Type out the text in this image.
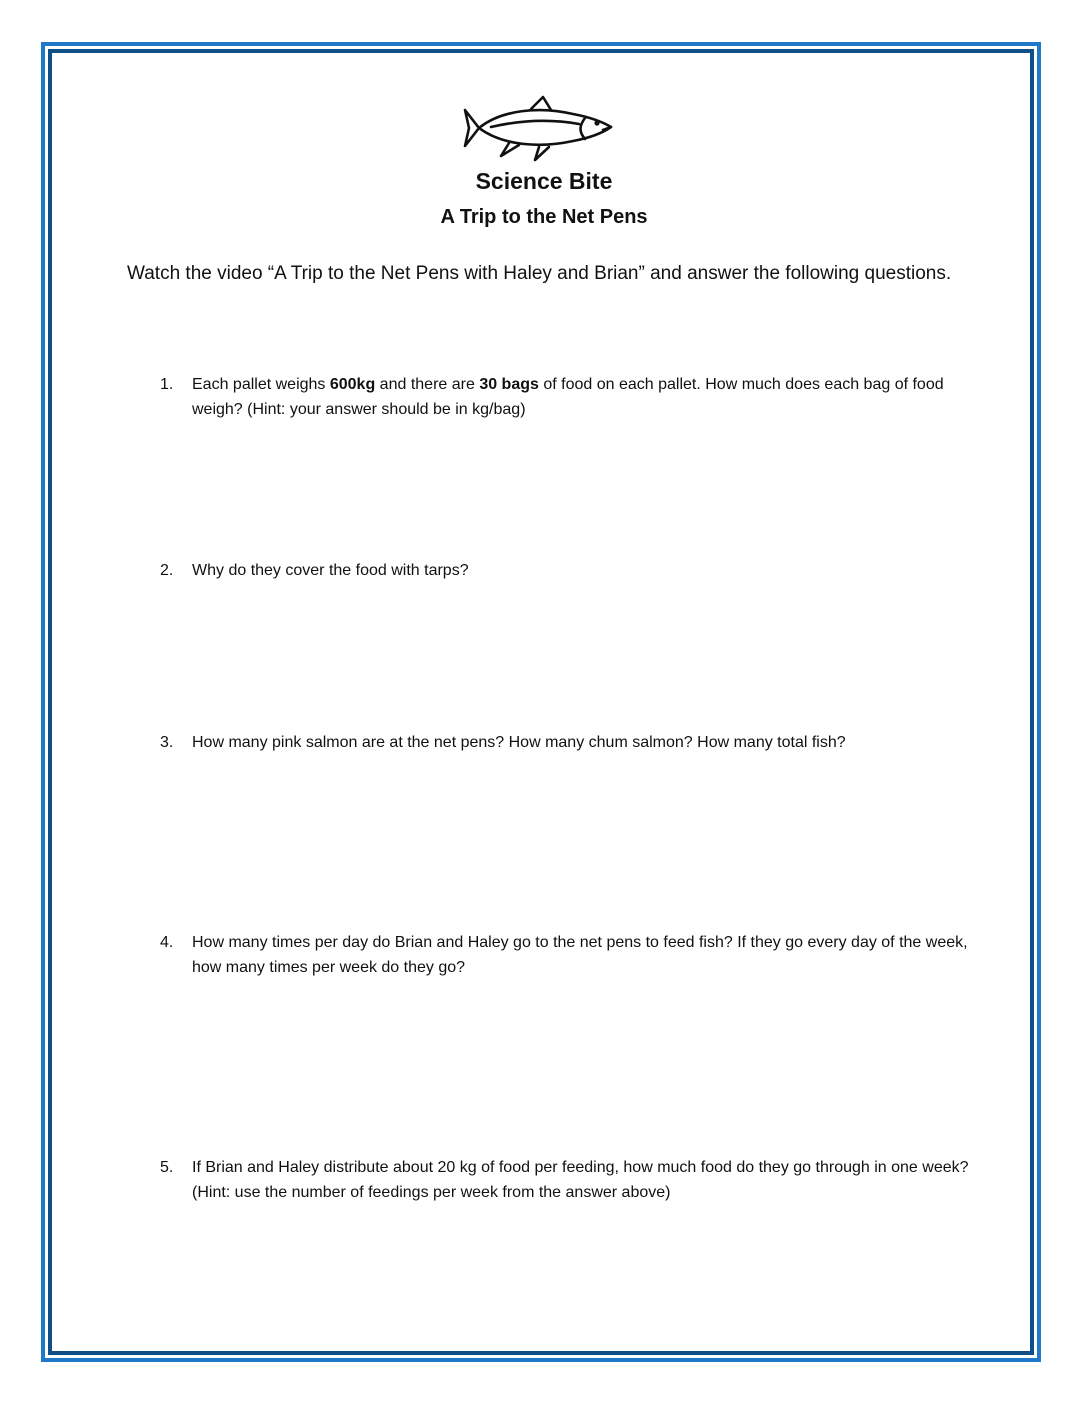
Science Bite
A Trip to the Net Pens
Watch the video “A Trip to the Net Pens with Haley and Brian” and answer the following questions.
1.	Each pallet weighs 600kg and there are 30 bags of food on each pallet. How much does each bag of food weigh? (Hint: your answer should be in kg/bag)
2.	Why do they cover the food with tarps?
3.	How many pink salmon are at the net pens? How many chum salmon? How many total fish?
4.	How many times per day do Brian and Haley go to the net pens to feed fish? If they go every day of the week, how many times per week do they go?
5.	If Brian and Haley distribute about 20 kg of food per feeding, how much food do they go through in one week? (Hint: use the number of feedings per week from the answer above)
